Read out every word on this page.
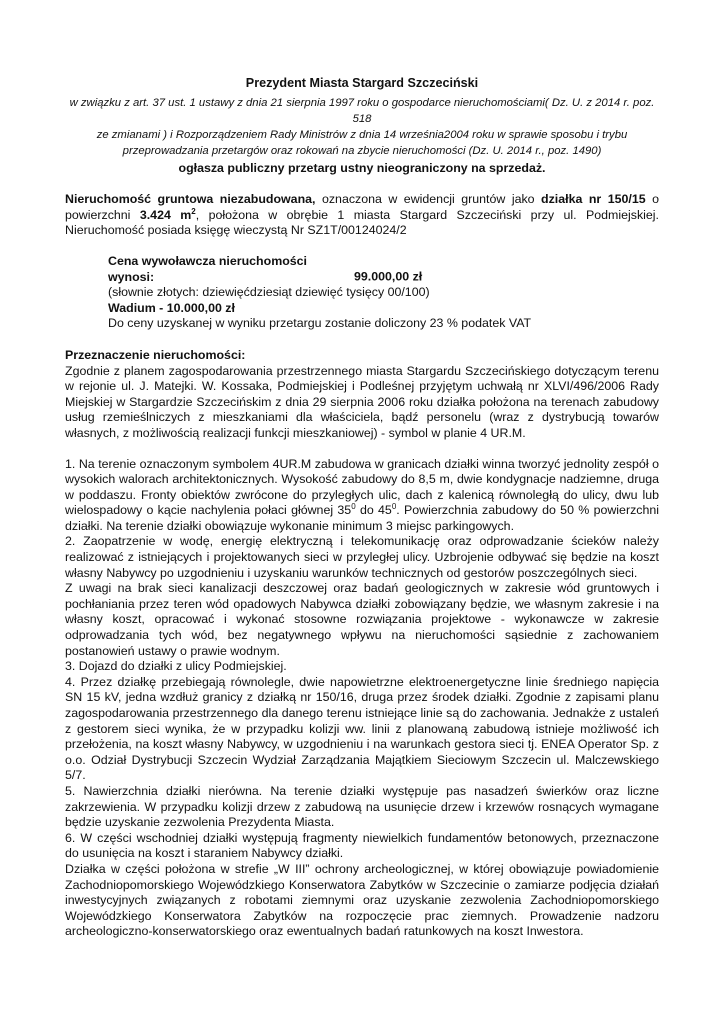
Prezydent Miasta Stargard Szczeciński
w związku z art. 37 ust. 1 ustawy z dnia 21 sierpnia 1997 roku o gospodarce nieruchomościami( Dz. U. z 2014 r. poz. 518
ze zmianami ) i Rozporządzeniem Rady Ministrów z dnia 14 września2004 roku w sprawie sposobu i trybu
przeprowadzania przetargów oraz rokowań na zbycie nieruchomości (Dz. U. 2014 r., poz. 1490)
ogłasza publiczny przetarg ustny nieograniczony na sprzedaż.
Nieruchomość gruntowa niezabudowana, oznaczona w ewidencji gruntów jako działka nr 150/15 o powierzchni 3.424 $m^2$, położona w obrębie 1 miasta Stargard Szczeciński przy ul. Podmiejskiej. Nieruchomość posiada księgę wieczystą Nr SZ1T/00124024/2
Cena wywoławcza nieruchomości wynosi:	99.000,00 zł
(słownie złotych: dziewięćdziesiąt dziewięć tysięcy 00/100)
Wadium - 10.000,00 zł
Do ceny uzyskanej w wyniku przetargu zostanie doliczony 23 % podatek VAT
Przeznaczenie nieruchomości:
Zgodnie z planem zagospodarowania przestrzennego miasta Stargardu Szczecińskiego dotyczącym terenu w rejonie ul. J. Matejki. W. Kossaka, Podmiejskiej i Podleśnej przyjętym uchwałą nr XLVI/496/2006 Rady Miejskiej w Stargardzie Szczecińskim z dnia 29 sierpnia 2006 roku działka położona na terenach zabudowy usług rzemieślniczych z mieszkaniami dla właściciela, bądź personelu (wraz z dystrybucją towarów własnych, z możliwością realizacji funkcji mieszkaniowej) - symbol w planie 4 UR.M.
1. Na terenie oznaczonym symbolem 4UR.M zabudowa w granicach działki winna tworzyć jednolity zespół o wysokich walorach architektonicznych. Wysokość zabudowy do 8,5 m, dwie kondygnacje nadziemne, druga w poddaszu. Fronty obiektów zwrócone do przyległych ulic, dach z kalenicą równoległą do ulicy, dwu lub wielospadowy o kącie nachylenia połaci głównej $35^0$ do $45^0$. Powierzchnia zabudowy do 50 % powierzchni działki. Na terenie działki obowiązuje wykonanie minimum 3 miejsc parkingowych.
2. Zaopatrzenie w wodę, energię elektryczną i telekomunikację oraz odprowadzanie ścieków należy realizować z istniejących i projektowanych sieci w przyległej ulicy. Uzbrojenie odbywać się będzie na koszt własny Nabywcy po uzgodnieniu i uzyskaniu warunków technicznych od gestorów poszczególnych sieci.
Z uwagi na brak sieci kanalizacji deszczowej oraz badań geologicznych w zakresie wód gruntowych i pochłaniania przez teren wód opadowych Nabywca działki zobowiązany będzie, we własnym zakresie i na własny koszt, opracować i wykonać stosowne rozwiązania projektowe - wykonawcze w zakresie odprowadzania tych wód, bez negatywnego wpływu na nieruchomości sąsiednie z zachowaniem postanowień ustawy o prawie wodnym.
3. Dojazd do działki z ulicy Podmiejskiej.
4. Przez działkę przebiegają równolegle, dwie napowietrzne elektroenergetyczne linie średniego napięcia SN 15 kV, jedna wzdłuż granicy z działką nr 150/16, druga przez środek działki. Zgodnie z zapisami planu zagospodarowania przestrzennego dla danego terenu istniejące linie są do zachowania. Jednakże z ustaleń z gestorem sieci wynika, że w przypadku kolizji ww. linii z planowaną zabudową istnieje możliwość ich przełożenia, na koszt własny Nabywcy, w uzgodnieniu i na warunkach gestora sieci tj. ENEA Operator Sp. z o.o. Odział Dystrybucji Szczecin Wydział Zarządzania Majątkiem Sieciowym Szczecin ul. Malczewskiego 5/7.
5. Nawierzchnia działki nierówna. Na terenie działki występuje pas nasadzeń świerków oraz liczne zakrzewienia. W przypadku kolizji drzew z zabudową na usunięcie drzew i krzewów rosnących wymagane będzie uzyskanie zezwolenia Prezydenta Miasta.
6. W części wschodniej działki występują fragmenty niewielkich fundamentów betonowych, przeznaczone do usunięcia na koszt i staraniem Nabywcy działki.
Działka w części położona w strefie „W III” ochrony archeologicznej, w której obowiązuje powiadomienie Zachodniopomorskiego Wojewódzkiego Konserwatora Zabytków w Szczecinie o zamiarze podjęcia działań inwestycyjnych związanych z robotami ziemnymi oraz uzyskanie zezwolenia Zachodniopomorskiego Wojewódzkiego Konserwatora Zabytków na rozpoczęcie prac ziemnych. Prowadzenie nadzoru archeologiczno-konserwatorskiego oraz ewentualnych badań ratunkowych na koszt Inwestora.
